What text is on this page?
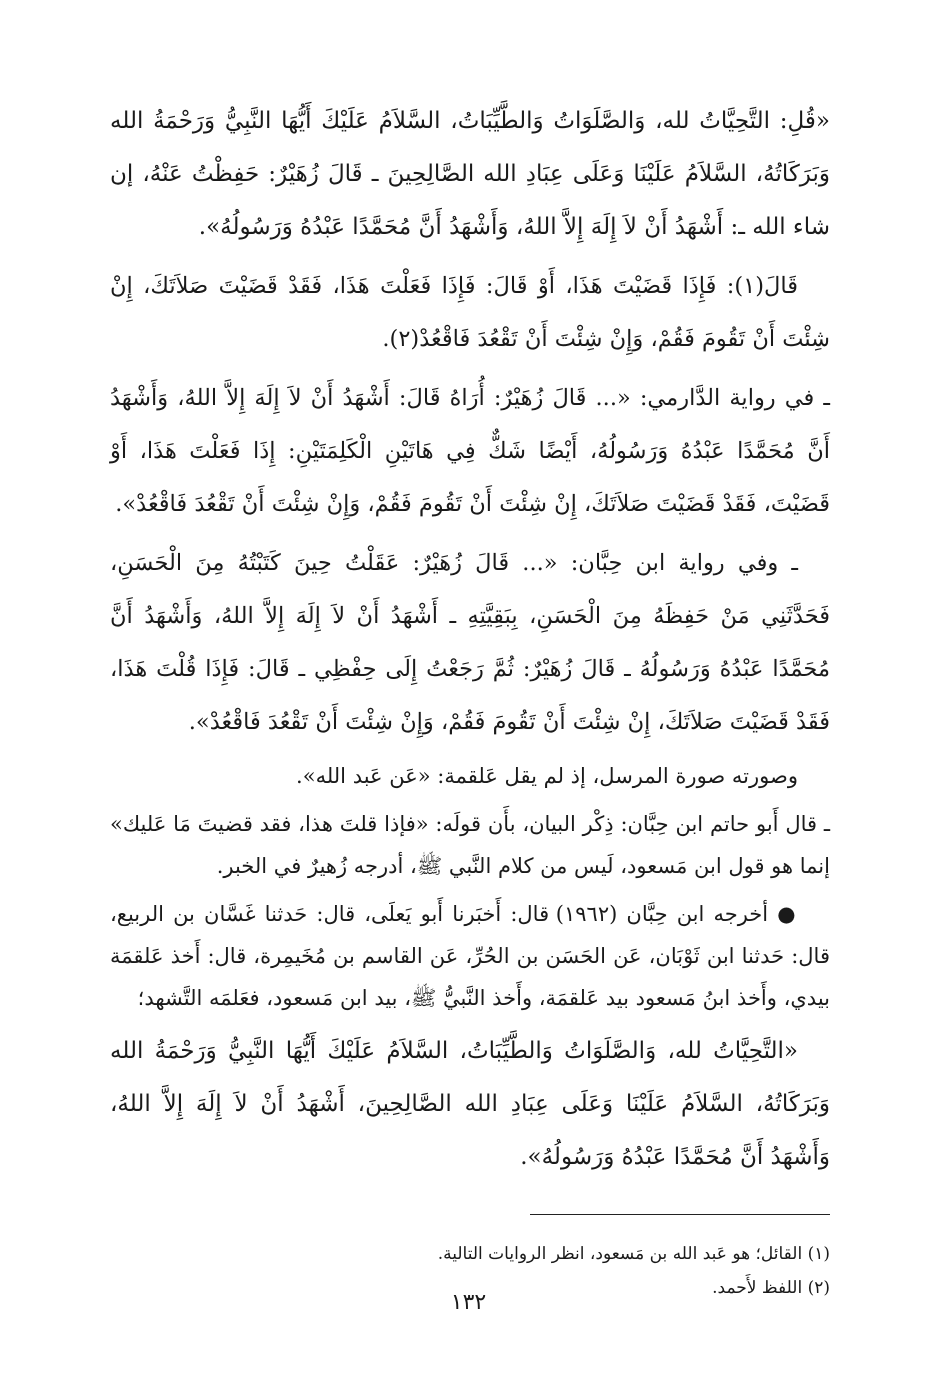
«قُلِ: التَّحِيَّاتُ لله، وَالصَّلَوَاتُ وَالطَّيِّبَاتُ، السَّلاَمُ عَلَيْكَ أَيُّهَا النَّبِيُّ وَرَحْمَةُ الله وَبَرَكَاتُهُ، السَّلاَمُ عَلَيْنَا وَعَلَى عِبَادِ الله الصَّالِحِينَ ـ قَالَ زُهَيْرٌ: حَفِظْتُ عَنْهُ، إن شاء الله ـ: أَشْهَدُ أَنْ لاَ إِلَهَ إِلاَّ اللهُ، وَأَشْهَدُ أَنَّ مُحَمَّدًا عَبْدُهُ وَرَسُولُهُ».

قَالَ(١): فَإِذَا قَضَيْتَ هَذَا، أَوْ قَالَ: فَإِذَا فَعَلْتَ هَذَا، فَقَدْ قَضَيْتَ صَلاَتَكَ، إِنْ شِئْتَ أَنْ تَقُومَ فَقُمْ، وَإِنْ شِئْتَ أَنْ تَقْعُدَ فَاقْعُدْ(٢).

ـ في رواية الدَّارمي: «... قَالَ زُهَيْرٌ: أُرَاهُ قَالَ: أَشْهَدُ أَنْ لاَ إِلَهَ إِلاَّ اللهُ، وَأَشْهَدُ أَنَّ مُحَمَّدًا عَبْدُهُ وَرَسُولُهُ، أَيْضًا شَكٌّ فِي هَاتَيْنِ الْكَلِمَتَيْنِ: إِذَا فَعَلْتَ هَذَا، أَوْ قَضَيْتَ، فَقَدْ قَضَيْتَ صَلاَتَكَ، إِنْ شِئْتَ أَنْ تَقُومَ فَقُمْ، وَإِنْ شِئْتَ أَنْ تَقْعُدَ فَاقْعُدْ».

ـ وفي رواية ابن حِبَّان: «... قَالَ زُهَيْرٌ: عَقَلْتُ حِينَ كَتَبْتُهُ مِنَ الْحَسَنِ، فَحَدَّثَنِي مَنْ حَفِظَهُ مِنَ الْحَسَنِ، بِبَقِيَّتِهِ ـ أَشْهَدُ أَنْ لاَ إِلَهَ إِلاَّ اللهُ، وَأَشْهَدُ أَنَّ مُحَمَّدًا عَبْدُهُ وَرَسُولُهُ ـ قَالَ زُهَيْرٌ: ثُمَّ رَجَعْتُ إِلَى حِفْظِي ـ قَالَ: فَإِذَا قُلْتَ هَذَا، فَقَدْ قَضَيْتَ صَلاَتَكَ، إِنْ شِئْتَ أَنْ تَقُومَ فَقُمْ، وَإِنْ شِئْتَ أَنْ تَقْعُدَ فَاقْعُدْ».

وصورته صورة المرسل، إذ لم يقل عَلقمة: «عَن عَبد الله».

ـ قال أَبو حاتم ابن حِبَّان: ذِكْر البيان، بأَن قولَه: «فإذا قلتَ هذا، فقد قضيتَ مَا عَليك» إنما هو قول ابن مَسعود، لَيس من كلام النَّبي ﷺ، أدرجه زُهيرٌ في الخبر.

● أخرجه ابن حِبَّان (١٩٦٢) قال: أَخبَرنا أَبو يَعلَى، قال: حَدثنا غَسَّان بن الربيع، قال: حَدثنا ابن ثَوْبَان، عَن الحَسَن بن الحُرِّ، عَن القاسم بن مُخَيمِرة، قال: أَخذ عَلقمَة بيدي، وأَخذ ابنُ مَسعود بيد عَلقمَة، وأَخذ النَّبيُّ ﷺ، بيد ابن مَسعود، فعَلمَه التَّشهد؛

«التَّحِيَّاتُ لله، وَالصَّلَوَاتُ وَالطَّيِّبَاتُ، السَّلاَمُ عَلَيْكَ أَيُّهَا النَّبِيُّ وَرَحْمَةُ الله وَبَرَكَاتُهُ، السَّلاَمُ عَلَيْنَا وَعَلَى عِبَادِ الله الصَّالِحِينَ، أَشْهَدُ أَنْ لاَ إِلَهَ إِلاَّ اللهُ، وَأَشْهَدُ أَنَّ مُحَمَّدًا عَبْدُهُ وَرَسُولُهُ».

(١) القائل؛ هو عَبد الله بن مَسعود، انظر الروايات التالية.

(٢) اللفظ لأَحمد.

١٣٢
